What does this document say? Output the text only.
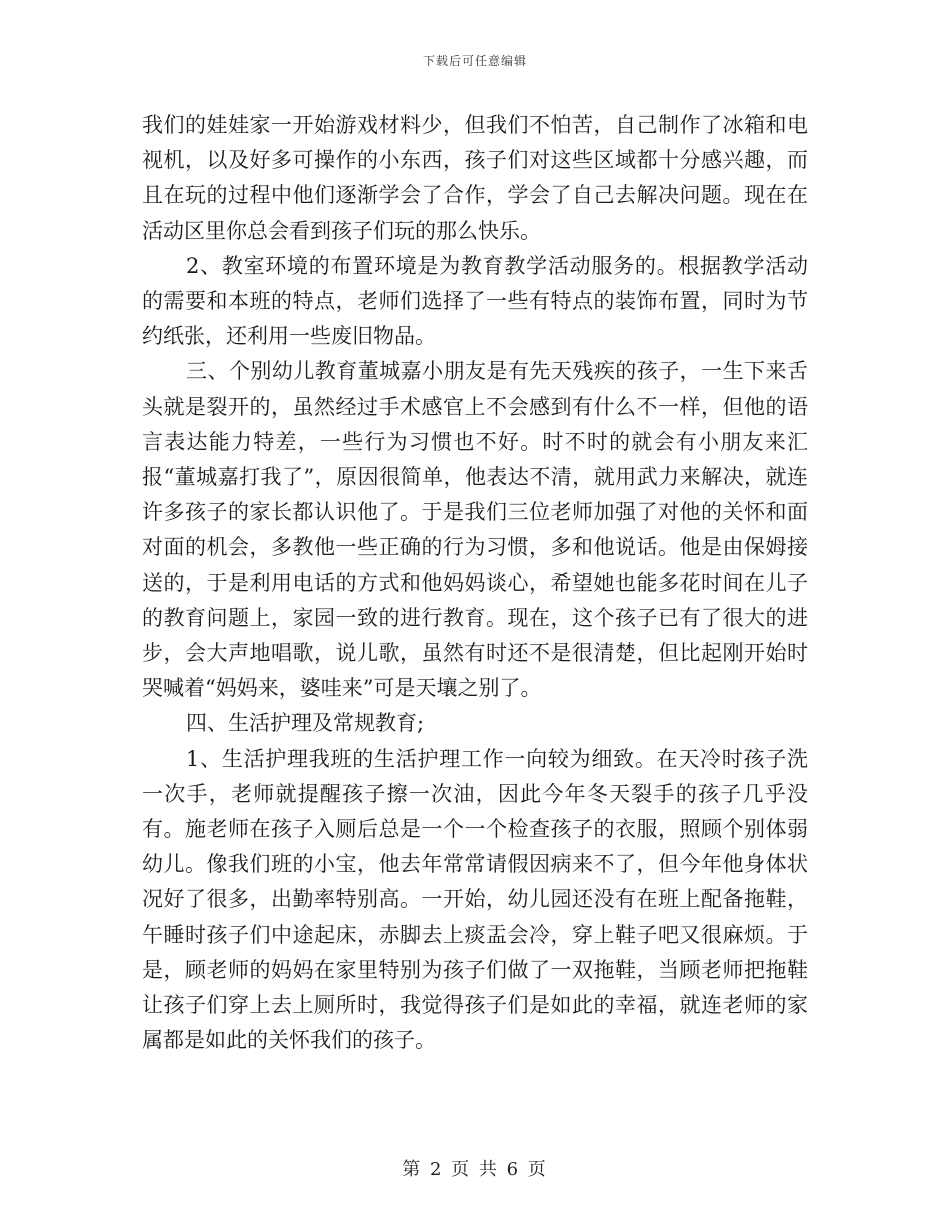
下载后可任意编辑

我们的娃娃家一开始游戏材料少，但我们不怕苦，自己制作了冰箱和电视机，以及好多可操作的小东西，孩子们对这些区域都十分感兴趣，而且在玩的过程中他们逐渐学会了合作，学会了自己去解决问题。现在在活动区里你总会看到孩子们玩的那么快乐。

2、教室环境的布置环境是为教育教学活动服务的。根据教学活动的需要和本班的特点，老师们选择了一些有特点的装饰布置，同时为节约纸张，还利用一些废旧物品。

三、个别幼儿教育董城嘉小朋友是有先天残疾的孩子，一生下来舌头就是裂开的，虽然经过手术感官上不会感到有什么不一样，但他的语言表达能力特差，一些行为习惯也不好。时不时的就会有小朋友来汇报“董城嘉打我了”，原因很简单，他表达不清，就用武力来解决，就连许多孩子的家长都认识他了。于是我们三位老师加强了对他的关怀和面对面的机会，多教他一些正确的行为习惯，多和他说话。他是由保姆接送的，于是利用电话的方式和他妈妈谈心，希望她也能多花时间在儿子的教育问题上，家园一致的进行教育。现在，这个孩子已有了很大的进步，会大声地唱歌，说儿歌，虽然有时还不是很清楚，但比起刚开始时哭喊着“妈妈来，婆哇来”可是天壤之别了。

四、生活护理及常规教育;

1、生活护理我班的生活护理工作一向较为细致。在天冷时孩子洗一次手，老师就提醒孩子擦一次油，因此今年冬天裂手的孩子几乎没有。施老师在孩子入厕后总是一个一个检查孩子的衣服，照顾个别体弱幼儿。像我们班的小宝，他去年常常请假因病来不了，但今年他身体状况好了很多，出勤率特别高。一开始，幼儿园还没有在班上配备拖鞋，午睡时孩子们中途起床，赤脚去上痰盂会冷，穿上鞋子吧又很麻烦。于是，顾老师的妈妈在家里特别为孩子们做了一双拖鞋，当顾老师把拖鞋让孩子们穿上去上厕所时，我觉得孩子们是如此的幸福，就连老师的家属都是如此的关怀我们的孩子。

第 2 页 共 6 页
